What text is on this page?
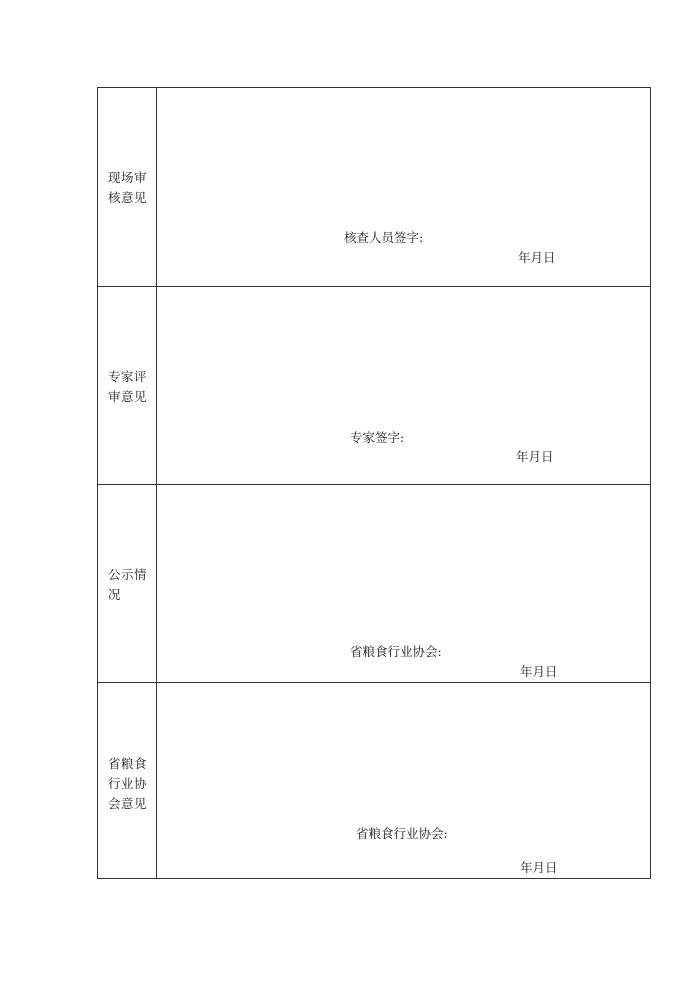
现场审核意见
核查人员签字:
年月日
专家评审意见
专家签字:
年月日
公示情况
省粮食行业协会:
年月日
省粮食行业协会意见
省粮食行业协会:
年月日
